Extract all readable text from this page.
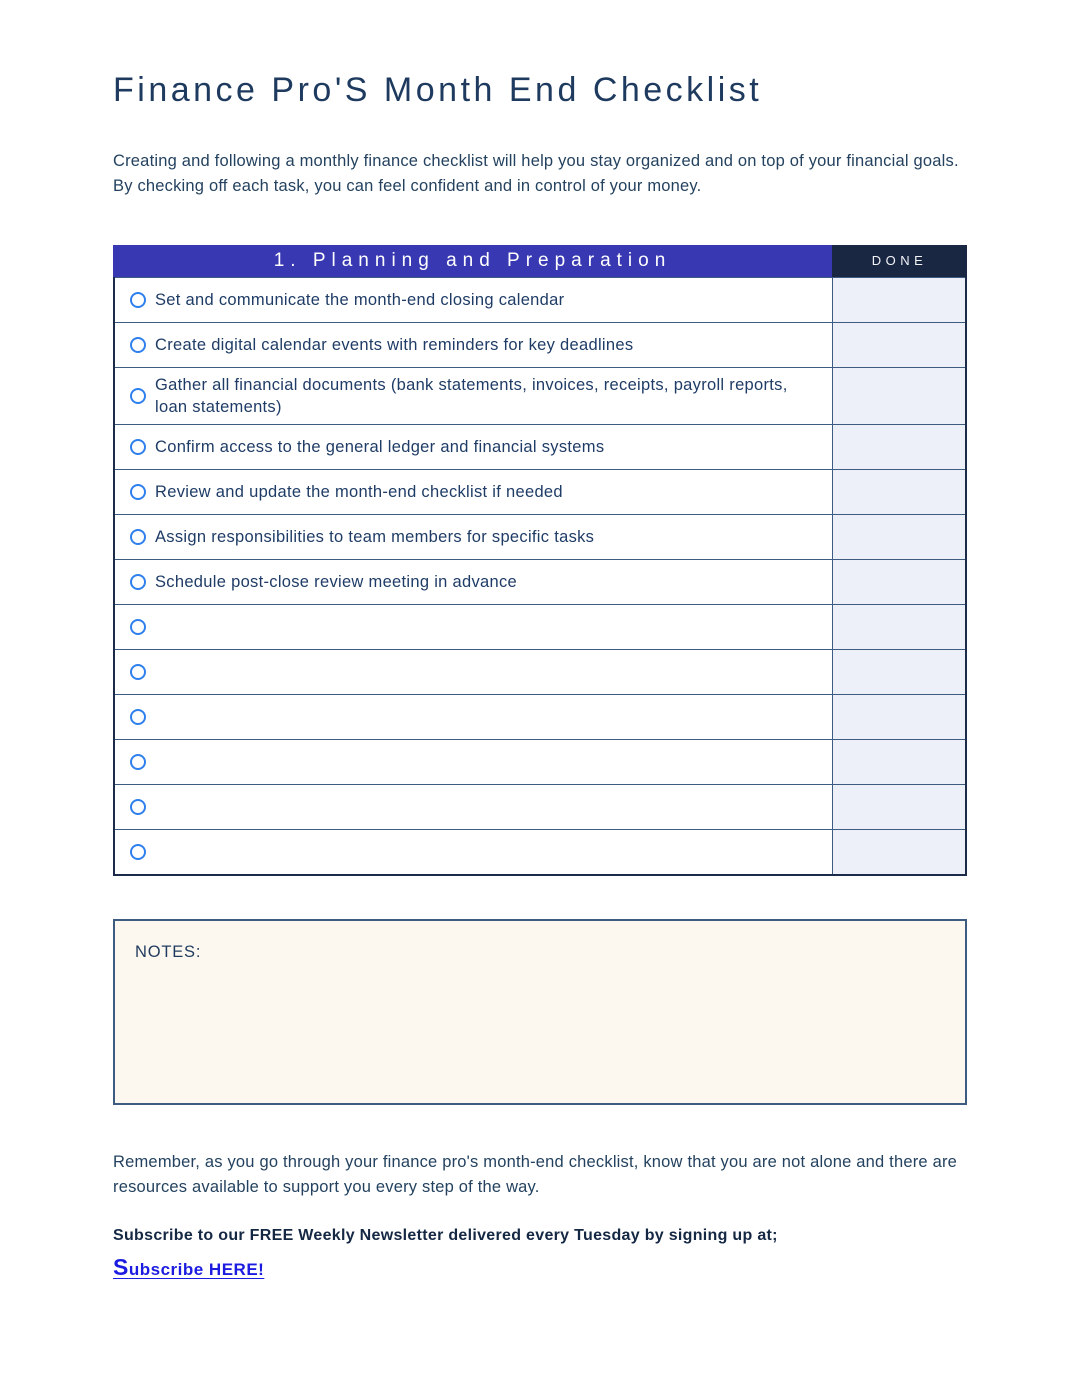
Finance Pro'S Month End Checklist

Creating and following a monthly finance checklist will help you stay organized and on top of your financial goals. By checking off each task, you can feel confident and in control of your money.

1. Planning and Preparation	DONE
Set and communicate the month-end closing calendar
Create digital calendar events with reminders for key deadlines
Gather all financial documents (bank statements, invoices, receipts, payroll reports, loan statements)
Confirm access to the general ledger and financial systems
Review and update the month-end checklist if needed
Assign responsibilities to team members for specific tasks
Schedule post-close review meeting in advance
NOTES:

Remember, as you go through your finance pro's month-end checklist, know that you are not alone and there are resources available to support you every step of the way.

Subscribe to our FREE Weekly Newsletter delivered every Tuesday by signing up at;

Subscribe HERE!
